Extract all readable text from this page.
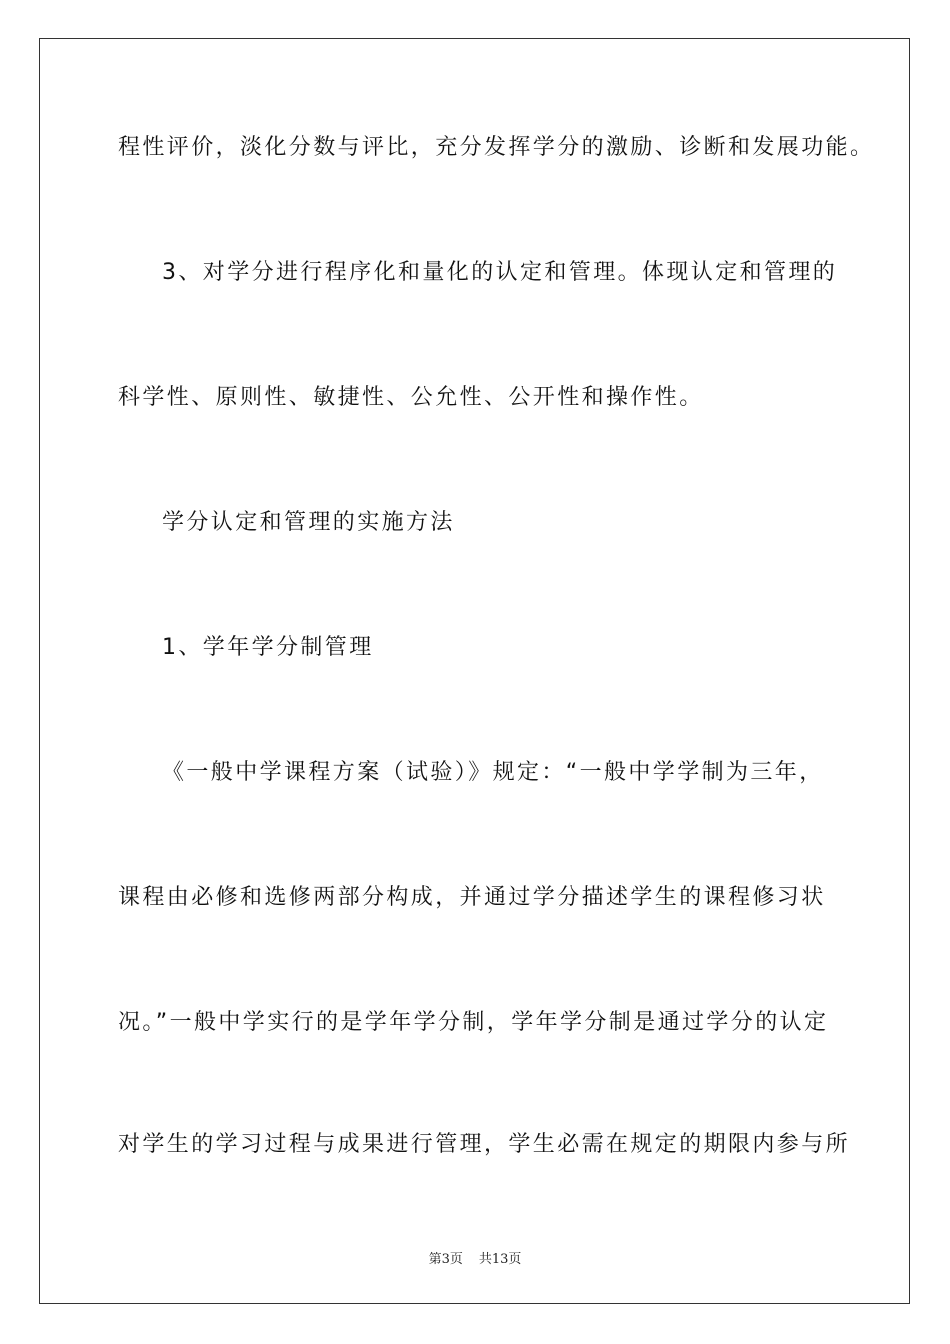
程性评价，淡化分数与评比，充分发挥学分的激励、诊断和发展功能。
3、对学分进行程序化和量化的认定和管理。体现认定和管理的
科学性、原则性、敏捷性、公允性、公开性和操作性。
学分认定和管理的实施方法
1、学年学分制管理
《一般中学课程方案（试验）》规定：“一般中学学制为三年，
课程由必修和选修两部分构成，并通过学分描述学生的课程修习状
况。”一般中学实行的是学年学分制，学年学分制是通过学分的认定
对学生的学习过程与成果进行管理，学生必需在规定的期限内参与所
第3页 共13页
